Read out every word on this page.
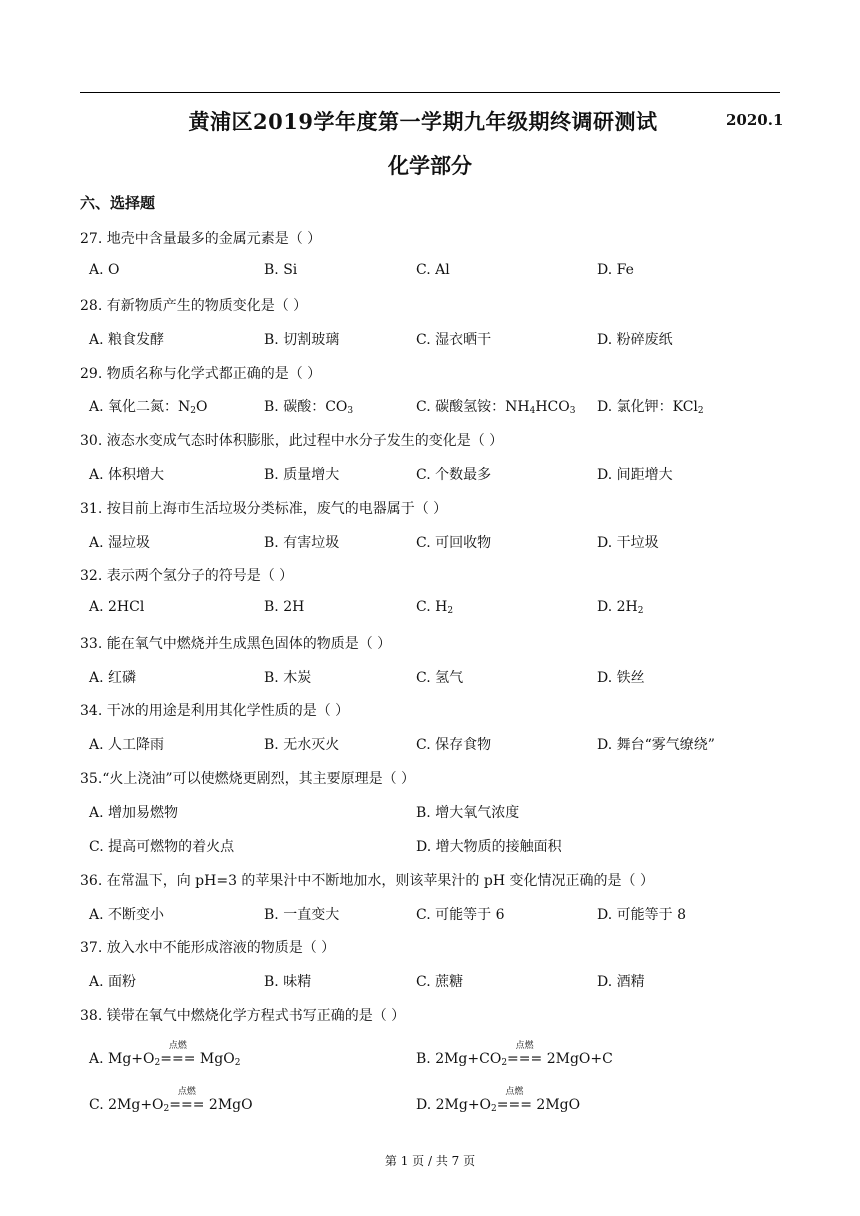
黄浦区2019学年度第一学期九年级期终调研测试	2020.1
化学部分
六、选择题
27. 地壳中含量最多的金属元素是（ ）
A. O	B. Si	C. Al	D. Fe
28. 有新物质产生的物质变化是（ ）
A. 粮食发酵	B. 切割玻璃	C. 湿衣晒干	D. 粉碎废纸
29. 物质名称与化学式都正确的是（ ）
A. 氧化二氮：$N_2O$	B. 碳酸：$CO_3$	C. 碳酸氢铵：$NH_4HCO_3$ D. 氯化钾：KCl$_2$
30. 液态水变成气态时体积膨胀，此过程中水分子发生的变化是（ ）
A. 体积增大	B. 质量增大	C. 个数最多	D. 间距增大
31. 按目前上海市生活垃圾分类标准，废气的电器属于（ ）
A. 湿垃圾	B. 有害垃圾	C. 可回收物	D. 干垃圾
32. 表示两个氢分子的符号是（ ）
A. 2HCl	B. 2H	C. $H_2$	D. $2H_2$
33. 能在氧气中燃烧并生成黑色固体的物质是（ ）
A. 红磷	B. 木炭	C. 氢气	D. 铁丝
34. 干冰的用途是利用其化学性质的是（ ）
A. 人工降雨	B. 无水灭火	C. 保存食物	D. 舞台“雾气缭绕”
35.“火上浇油”可以使燃烧更剧烈，其主要原理是（ ）
A. 增加易燃物	B. 增大氧气浓度
C. 提高可燃物的着火点	D. 增大物质的接触面积
36. 在常温下，向 pH=3 的苹果汁中不断地加水，则该苹果汁的 pH 变化情况正确的是（ ）
A. 不断变小	B. 一直变大	C. 可能等于 6	D. 可能等于 8
37. 放入水中不能形成溶液的物质是（ ）
A. 面粉	B. 味精	C. 蔗糖	D. 酒精
38. 镁带在氧气中燃烧化学方程式书写正确的是（ ）
A. $Mg+O_2$
点燃
=== MgO$_2$	B. $2Mg+CO_2$
点燃
=== 2MgO+C
C. $2Mg+O_2$
点燃
=== 2MgO	D. $2Mg+O_2$
点燃
=== 2MgO
第 1 页 / 共 7 页
